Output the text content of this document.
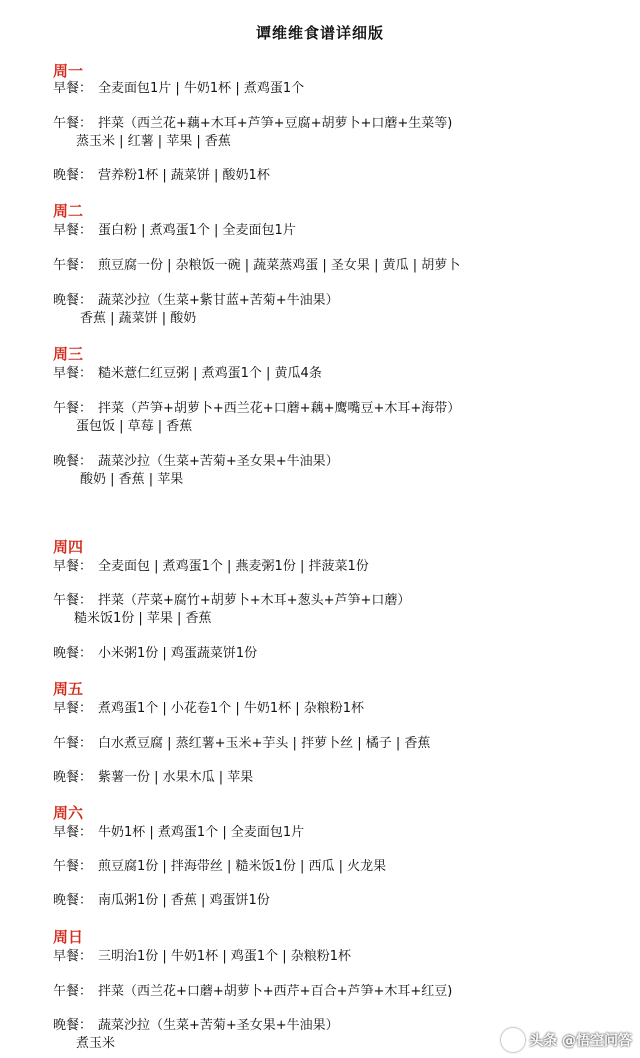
谭维维食谱详细版
周一
早餐： 全麦面包1片 | 牛奶1杯 | 煮鸡蛋1个
午餐： 拌菜（西兰花+藕+木耳+芦笋+豆腐+胡萝卜+口蘑+生菜等)
蒸玉米 | 红薯 | 苹果 | 香蕉
晚餐： 营养粉1杯 | 蔬菜饼 | 酸奶1杯
周二
早餐： 蛋白粉 | 煮鸡蛋1个 | 全麦面包1片
午餐： 煎豆腐一份 | 杂粮饭一碗 | 蔬菜蒸鸡蛋 | 圣女果 | 黄瓜 | 胡萝卜
晚餐： 蔬菜沙拉（生菜+紫甘蓝+苦菊+牛油果）
香蕉 | 蔬菜饼 | 酸奶
周三
早餐： 糙米薏仁红豆粥 | 煮鸡蛋1个 | 黄瓜4条
午餐： 拌菜（芦笋+胡萝卜+西兰花+口蘑+藕+鹰嘴豆+木耳+海带）
蛋包饭 | 草莓 | 香蕉
晚餐： 蔬菜沙拉（生菜+苦菊+圣女果+牛油果）
酸奶 | 香蕉 | 苹果
周四
早餐： 全麦面包 | 煮鸡蛋1个 | 燕麦粥1份 | 拌菠菜1份
午餐： 拌菜（芹菜+腐竹+胡萝卜+木耳+葱头+芦笋+口蘑）
糙米饭1份 | 苹果 | 香蕉
晚餐： 小米粥1份 | 鸡蛋蔬菜饼1份
周五
早餐： 煮鸡蛋1个 | 小花卷1个 | 牛奶1杯 | 杂粮粉1杯
午餐： 白水煮豆腐 | 蒸红薯+玉米+芋头 | 拌萝卜丝 | 橘子 | 香蕉
晚餐： 紫薯一份 | 水果木瓜 | 苹果
周六
早餐： 牛奶1杯 | 煮鸡蛋1个 | 全麦面包1片
午餐： 煎豆腐1份 | 拌海带丝 | 糙米饭1份 | 西瓜 | 火龙果
晚餐： 南瓜粥1份 | 香蕉 | 鸡蛋饼1份
周日
早餐： 三明治1份 | 牛奶1杯 | 鸡蛋1个 | 杂粮粉1杯
午餐： 拌菜（西兰花+口蘑+胡萝卜+西芹+百合+芦笋+木耳+红豆)
晚餐： 蔬菜沙拉（生菜+苦菊+圣女果+牛油果）
煮玉米	头条 @悟空问答
